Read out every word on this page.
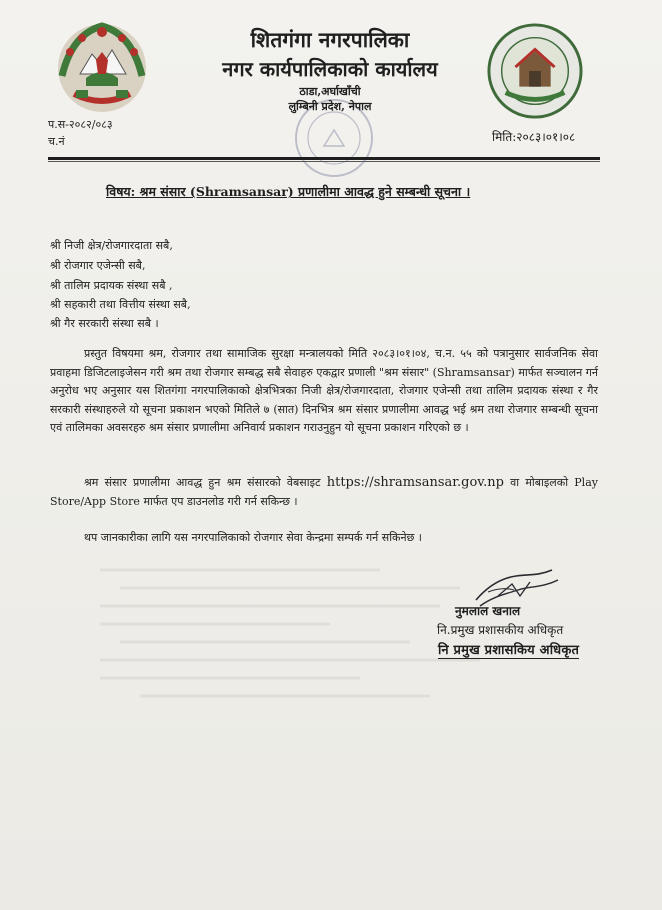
शितगंगा नगरपालिका
नगर कार्यपालिकाको कार्यालय
ठाडा,अर्घाखाँची
लुम्बिनी प्रदेश, नेपाल
प.स-२०८२/०८३
च.नं	मिति:२०८३।०१।०८
विषय: श्रम संसार (Shramsansar) प्रणालीमा आवद्ध हुने सम्बन्धी सूचना ।
श्री निजी क्षेत्र/रोजगारदाता सबै,
श्री रोजगार एजेन्सी सबै,
श्री तालिम प्रदायक संस्था सबै ,
श्री सहकारी तथा वित्तीय संस्था सबै,
श्री गैर सरकारी संस्था सबै ।
प्रस्तुत विषयमा श्रम, रोजगार तथा सामाजिक सुरक्षा मन्त्रालयको मिति २०८३।०१।०४, च.न. ५५ को पत्रानुसार सार्वजनिक सेवा प्रवाहमा डिजिटलाइजेसन गरी श्रम तथा रोजगार सम्बद्ध सबै सेवाहरु एकद्वार प्रणाली "श्रम संसार" (Shramsansar) मार्फत सञ्चालन गर्न अनुरोध भए अनुसार यस शितगंगा नगरपालिकाको क्षेत्रभित्रका निजी क्षेत्र/रोजगारदाता, रोजगार एजेन्सी तथा तालिम प्रदायक संस्था र गैर सरकारी संस्थाहरुले यो सूचना प्रकाशन भएको मितिले ७ (सात) दिनभित्र श्रम संसार प्रणालीमा आवद्ध भई श्रम तथा रोजगार सम्बन्धी सूचना एवं तालिमका अवसरहरु श्रम संसार प्रणालीमा अनिवार्य प्रकाशन गराउनुहुन यो सूचना प्रकाशन गरिएको छ ।
श्रम संसार प्रणालीमा आवद्ध हुन श्रम संसारको वेबसाइट https://shramsansar.gov.np वा मोबाइलको Play Store/App Store मार्फत एप डाउनलोड गरी गर्न सकिन्छ ।
थप जानकारीका लागि यस नगरपालिकाको रोजगार सेवा केन्द्रमा सम्पर्क गर्न सकिनेछ ।
नुमलाल खनाल
नि.प्रमुख प्रशासकीय अधिकृत
नि प्रमुख प्रशासकिय अधिकृत
